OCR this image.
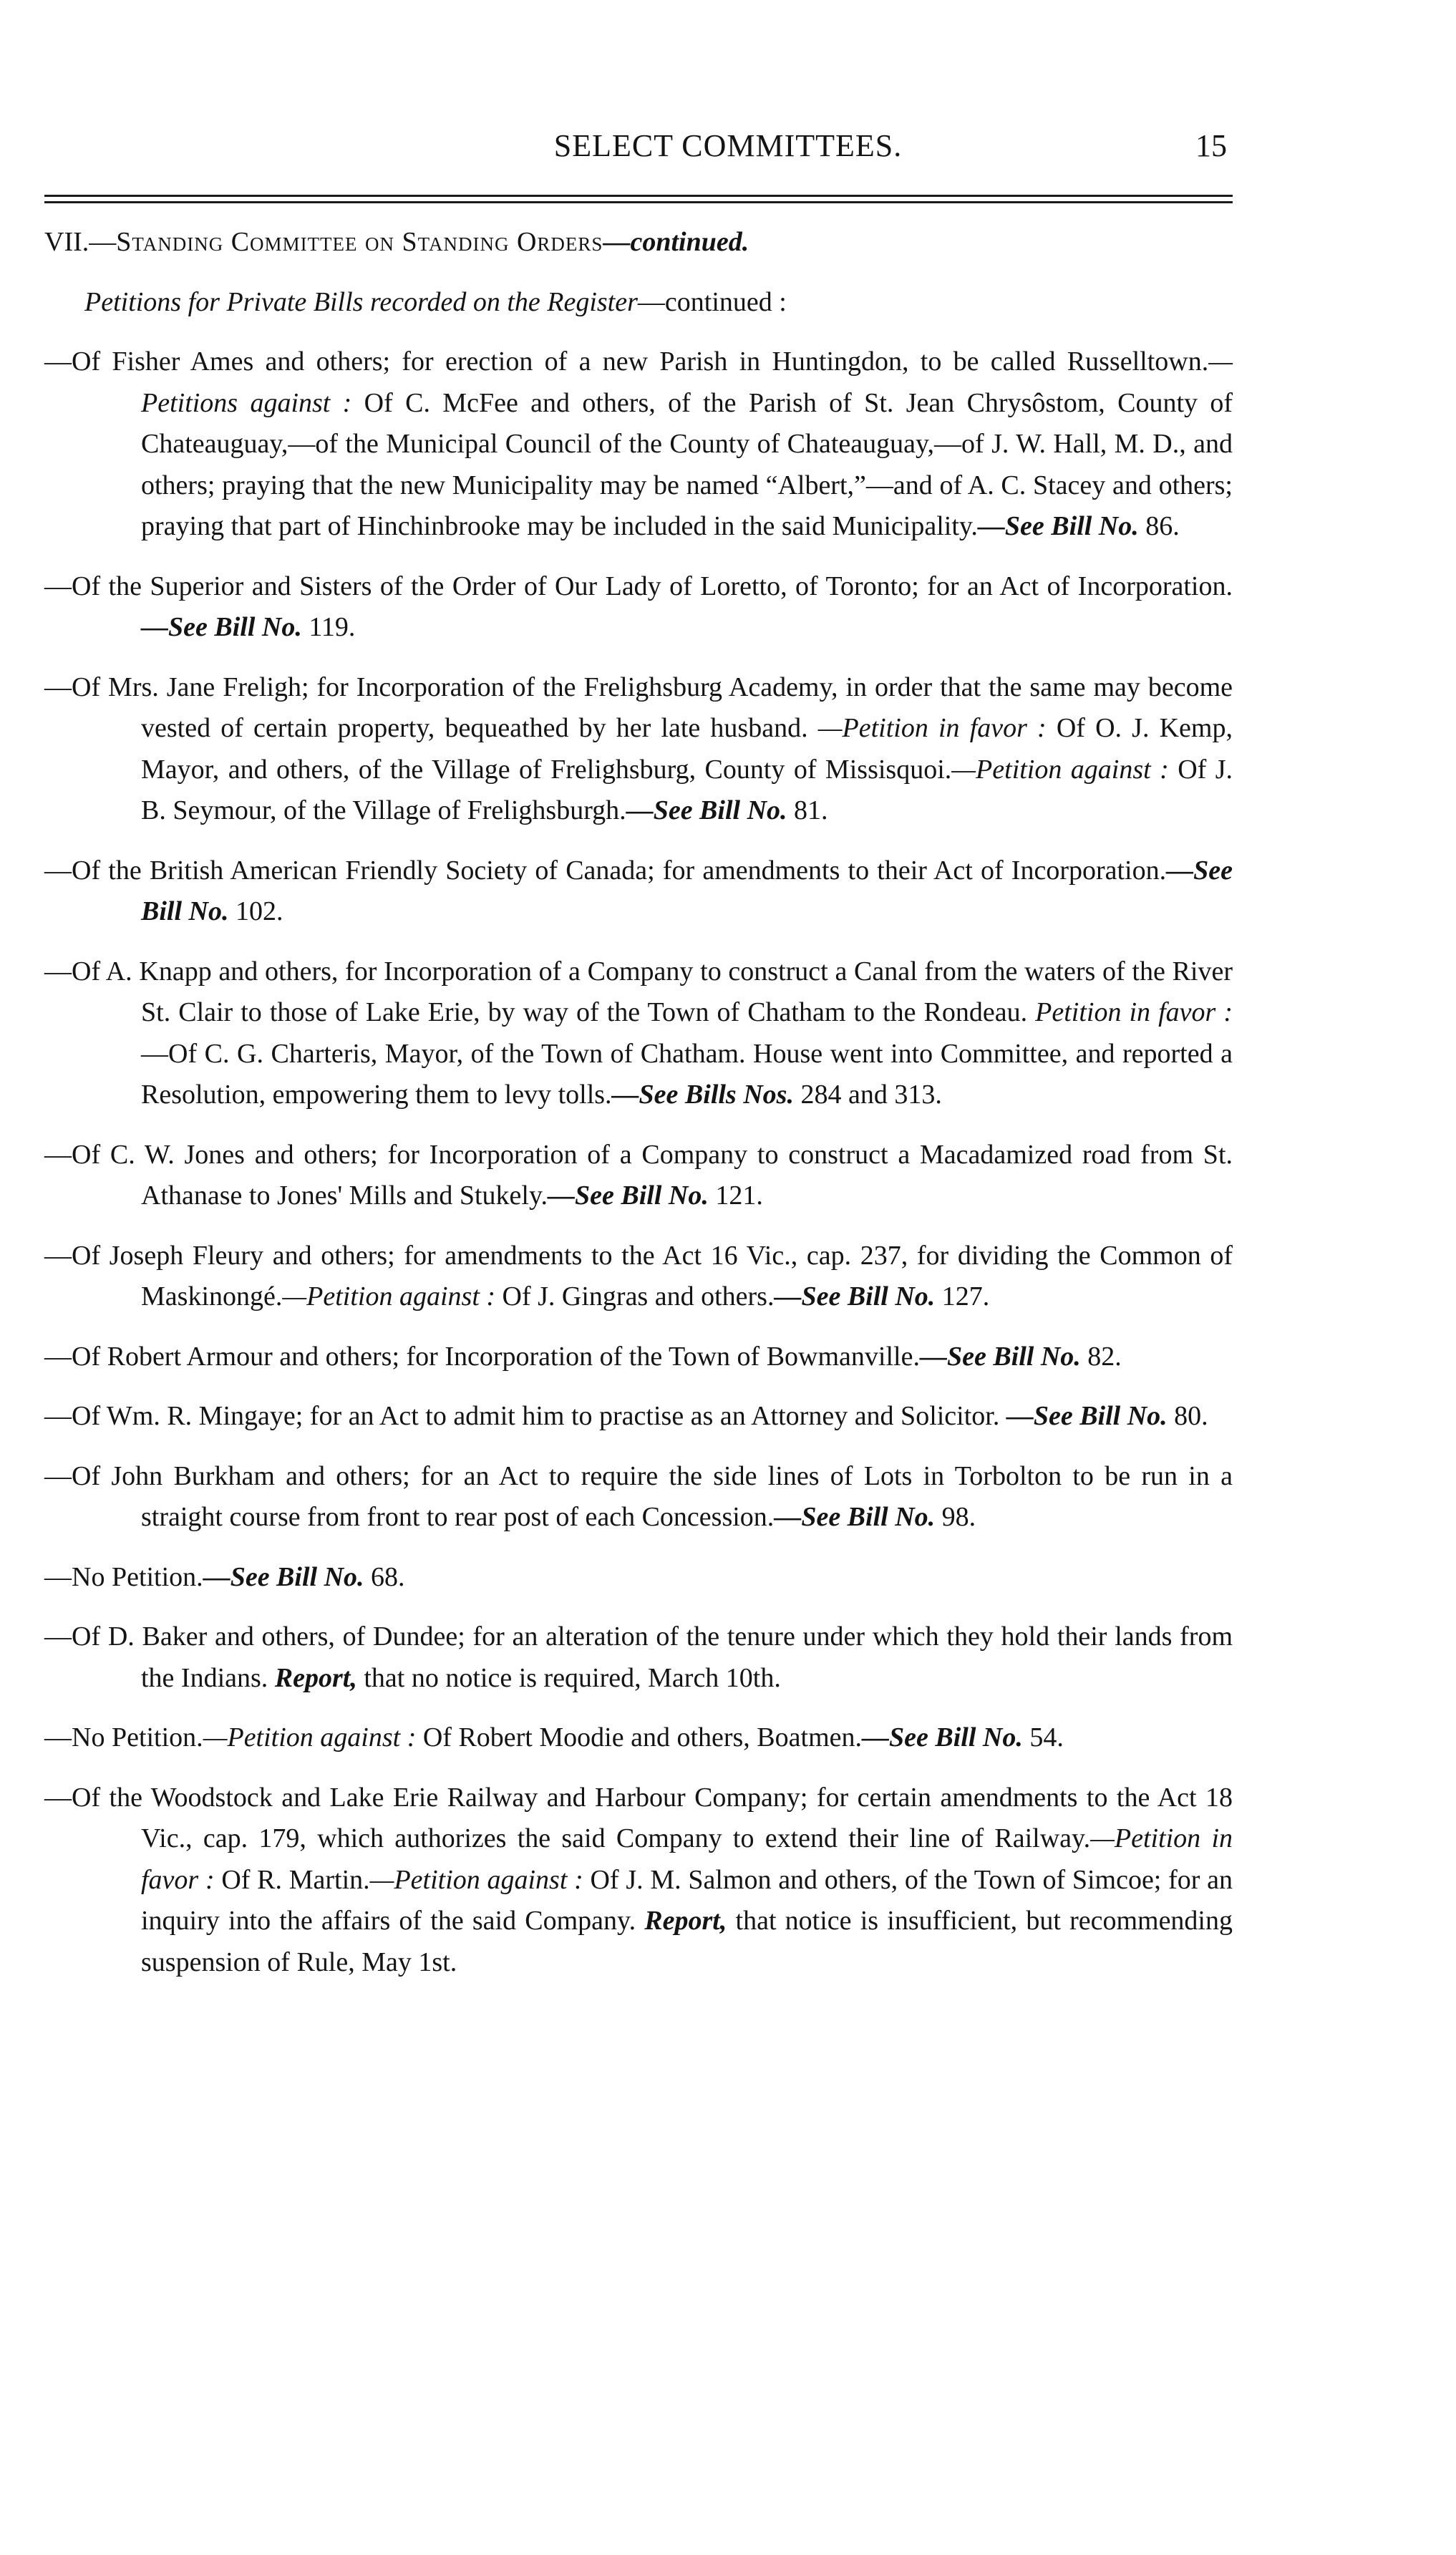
SELECT COMMITTEES.	15
VII.—Standing Committee on Standing Orders—continued.
Petitions for Private Bills recorded on the Register—continued :
—Of Fisher Ames and others; for erection of a new Parish in Huntingdon, to be called Russelltown.—Petitions against : Of C. McFee and others, of the Parish of St. Jean Chrysôstom, County of Chateauguay,—of the Municipal Council of the County of Chateauguay,—of J. W. Hall, M. D., and others; praying that the new Municipality may be named “Albert,”—and of A. C. Stacey and others; praying that part of Hinchinbrooke may be included in the said Municipality.—See Bill No. 86.
—Of the Superior and Sisters of the Order of Our Lady of Loretto, of Toronto; for an Act of Incorporation.—See Bill No. 119.
—Of Mrs. Jane Freligh; for Incorporation of the Frelighsburg Academy, in order that the same may become vested of certain property, bequeathed by her late husband. —Petition in favor : Of O. J. Kemp, Mayor, and others, of the Village of Frelighsburg, County of Missisquoi.—Petition against : Of J. B. Seymour, of the Village of Frelighsburgh.—See Bill No. 81.
—Of the British American Friendly Society of Canada; for amendments to their Act of Incorporation.—See Bill No. 102.
—Of A. Knapp and others, for Incorporation of a Company to construct a Canal from the waters of the River St. Clair to those of Lake Erie, by way of the Town of Chatham to the Rondeau. Petition in favor :—Of C. G. Charteris, Mayor, of the Town of Chatham. House went into Committee, and reported a Resolution, empowering them to levy tolls.—See Bills Nos. 284 and 313.
—Of C. W. Jones and others; for Incorporation of a Company to construct a Macadamized road from St. Athanase to Jones' Mills and Stukely.—See Bill No. 121.
—Of Joseph Fleury and others; for amendments to the Act 16 Vic., cap. 237, for dividing the Common of Maskinongé.—Petition against : Of J. Gingras and others.—See Bill No. 127.
—Of Robert Armour and others; for Incorporation of the Town of Bowmanville.—See Bill No. 82.
—Of Wm. R. Mingaye; for an Act to admit him to practise as an Attorney and Solicitor. —See Bill No. 80.
—Of John Burkham and others; for an Act to require the side lines of Lots in Torbolton to be run in a straight course from front to rear post of each Concession.—See Bill No. 98.
—No Petition.—See Bill No. 68.
—Of D. Baker and others, of Dundee; for an alteration of the tenure under which they hold their lands from the Indians. Report, that no notice is required, March 10th.
—No Petition.—Petition against : Of Robert Moodie and others, Boatmen.—See Bill No. 54.
—Of the Woodstock and Lake Erie Railway and Harbour Company; for certain amendments to the Act 18 Vic., cap. 179, which authorizes the said Company to extend their line of Railway.—Petition in favor : Of R. Martin.—Petition against : Of J. M. Salmon and others, of the Town of Simcoe; for an inquiry into the affairs of the said Company. Report, that notice is insufficient, but recommending suspension of Rule, May 1st.
